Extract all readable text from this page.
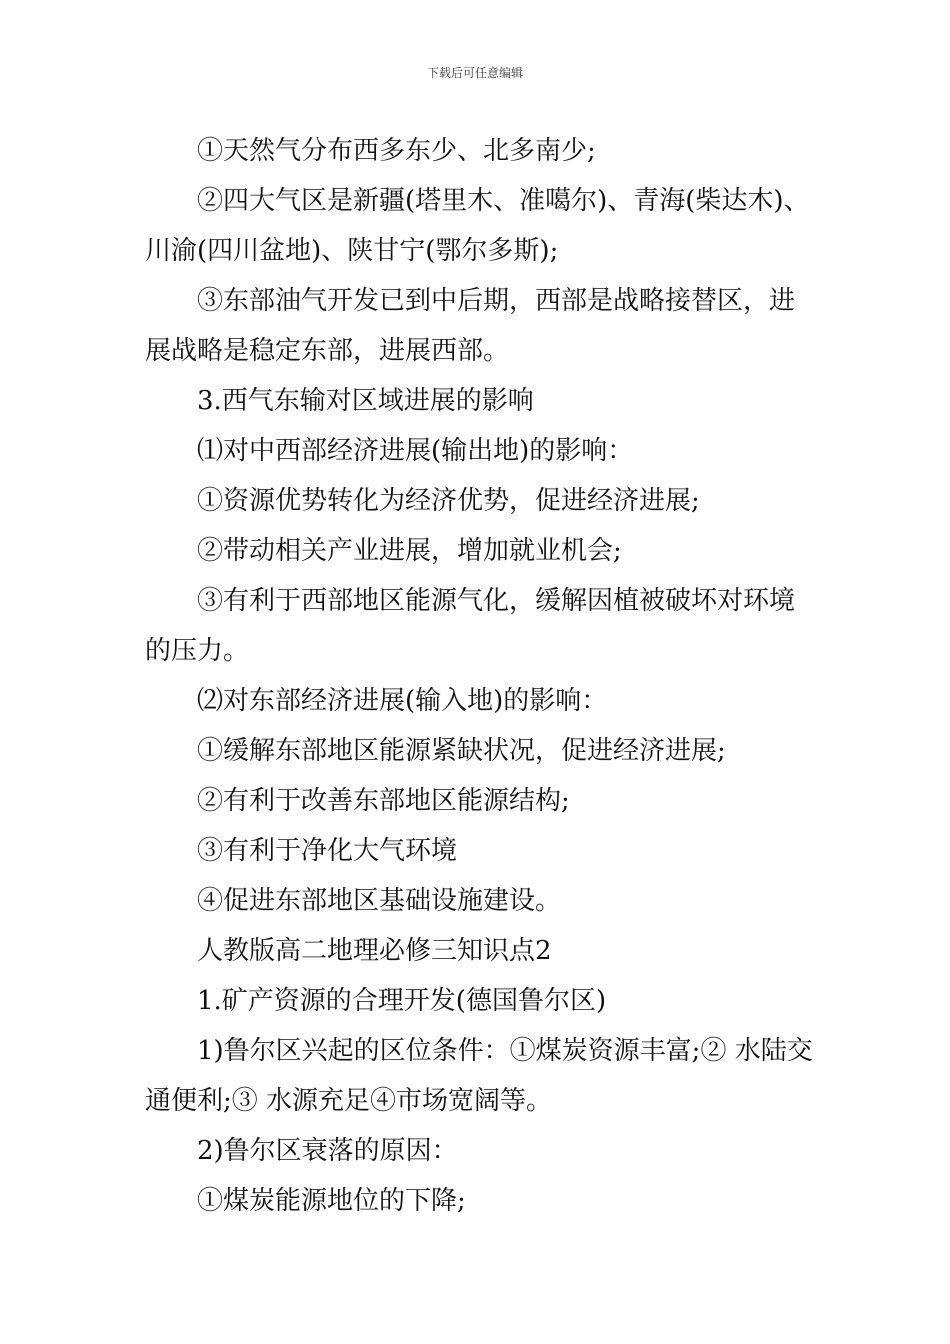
下载后可任意编辑

①天然气分布西多东少、北多南少;

②四大气区是新疆(塔里木、准噶尔)、青海(柴达木)、川渝(四川盆地)、陕甘宁(鄂尔多斯);

③东部油气开发已到中后期，西部是战略接替区，进展战略是稳定东部，进展西部。

3.西气东输对区域进展的影响

⑴对中西部经济进展(输出地)的影响：

①资源优势转化为经济优势，促进经济进展;

②带动相关产业进展，增加就业机会;

③有利于西部地区能源气化，缓解因植被破坏对环境的压力。

⑵对东部经济进展(输入地)的影响：

①缓解东部地区能源紧缺状况，促进经济进展;

②有利于改善东部地区能源结构;

③有利于净化大气环境

④促进东部地区基础设施建设。

人教版高二地理必修三知识点2

1.矿产资源的合理开发(德国鲁尔区)

1)鲁尔区兴起的区位条件：①煤炭资源丰富;② 水陆交通便利;③ 水源充足④市场宽阔等。

2)鲁尔区衰落的原因：

①煤炭能源地位的下降;
